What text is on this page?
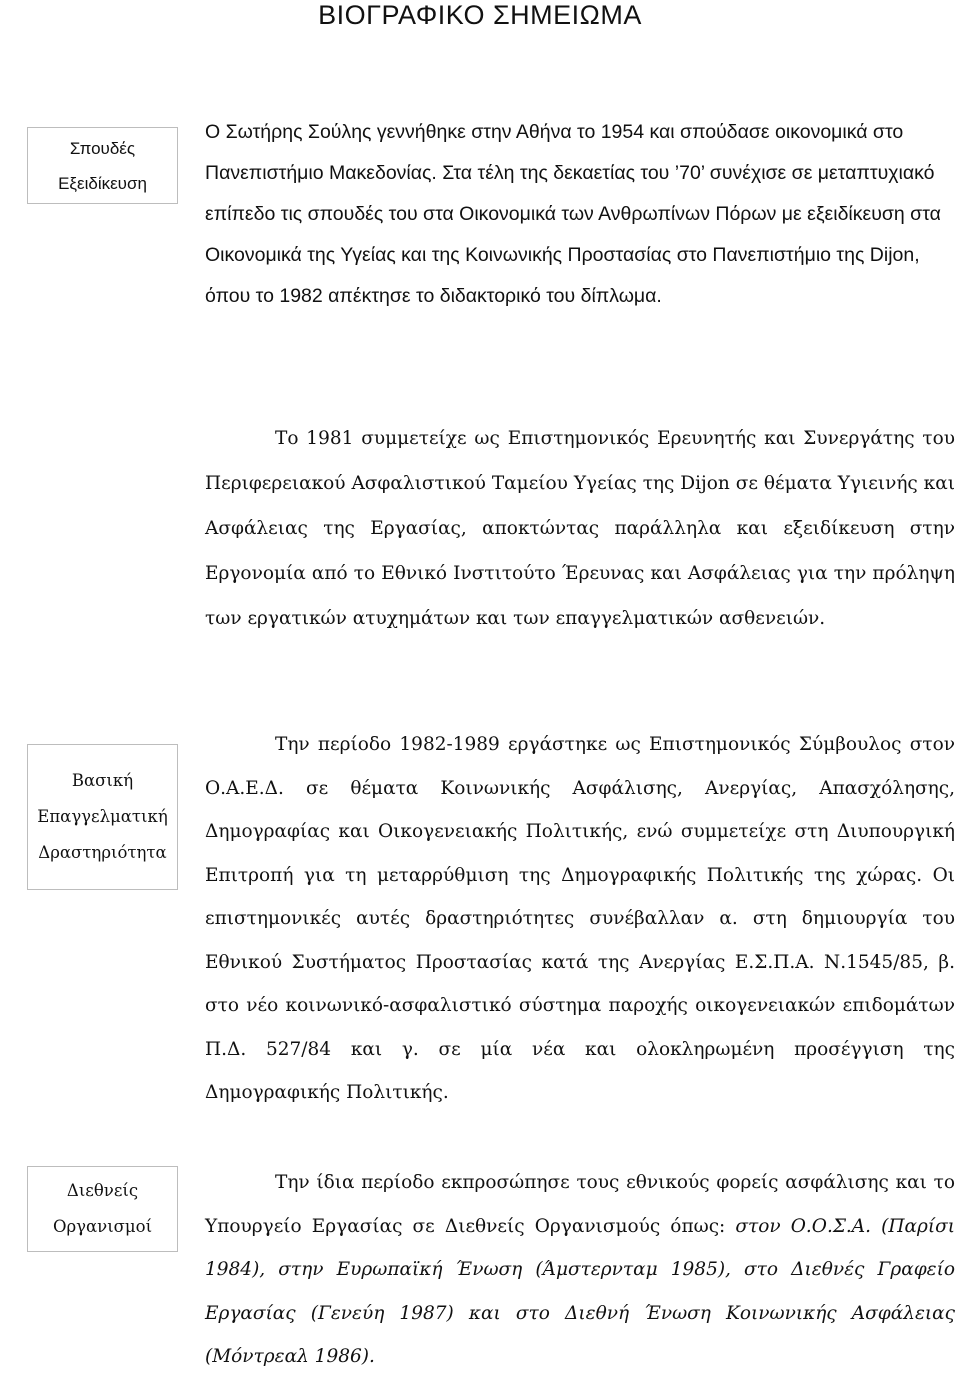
ΒΙΟΓΡΑΦΙΚΟ ΣΗΜΕΙΩΜΑ
Σπουδές
Εξειδίκευση
Βασική
Επαγγελματική
Δραστηριότητα
Διεθνείς
Οργανισμοί

Ο Σωτήρης Σούλης γεννήθηκε στην Αθήνα το 1954 και σπούδασε οικονομικά στο Πανεπιστήμιο Μακεδονίας. Στα τέλη της δεκαετίας του ’70’ συνέχισε σε μεταπτυχιακό επίπεδο τις σπουδές του στα Οικονομικά των Ανθρωπίνων Πόρων με εξειδίκευση στα Οικονομικά της Υγείας και της Κοινωνικής Προστασίας στο Πανεπιστήμιο της Dijon, όπου το 1982 απέκτησε το διδακτορικό του δίπλωμα.

Το 1981 συμμετείχε ως Επιστημονικός Ερευνητής και Συνεργάτης του Περιφερειακού Ασφαλιστικού Ταμείου Υγείας της Dijon σε θέματα Υγιεινής και Ασφάλειας της Εργασίας, αποκτώντας παράλληλα και εξειδίκευση στην Εργονομία από το Εθνικό Ινστιτούτο Έρευνας και Ασφάλειας για την πρόληψη των εργατικών ατυχημάτων και των επαγγελματικών ασθενειών.

Την περίοδο 1982-1989 εργάστηκε ως Επιστημονικός Σύμβουλος στον Ο.Α.Ε.Δ. σε θέματα Κοινωνικής Ασφάλισης, Ανεργίας, Απασχόλησης, Δημογραφίας και Οικογενειακής Πολιτικής, ενώ συμμετείχε στη Διυπουργική Επιτροπή για τη μεταρρύθμιση της Δημογραφικής Πολιτικής της χώρας. Οι επιστημονικές αυτές δραστηριότητες συνέβαλλαν α. στη δημιουργία του Εθνικού Συστήματος Προστασίας κατά της Ανεργίας Ε.Σ.Π.Α. Ν.1545/85, β. στο νέο κοινωνικό-ασφαλιστικό σύστημα παροχής οικογενειακών επιδομάτων Π.Δ. 527/84 και γ. σε μία νέα και ολοκληρωμένη προσέγγιση της Δημογραφικής Πολιτικής.

Την ίδια περίοδο εκπροσώπησε τους εθνικούς φορείς ασφάλισης και το Υπουργείο Εργασίας σε Διεθνείς Οργανισμούς όπως: στον Ο.Ο.Σ.Α. (Παρίσι 1984), στην Ευρωπαϊκή Ένωση (Άμστερνταμ 1985), στο Διεθνές Γραφείο Εργασίας (Γενεύη 1987) και στο Διεθνή Ένωση Κοινωνικής Ασφάλειας (Μόντρεαλ 1986).
